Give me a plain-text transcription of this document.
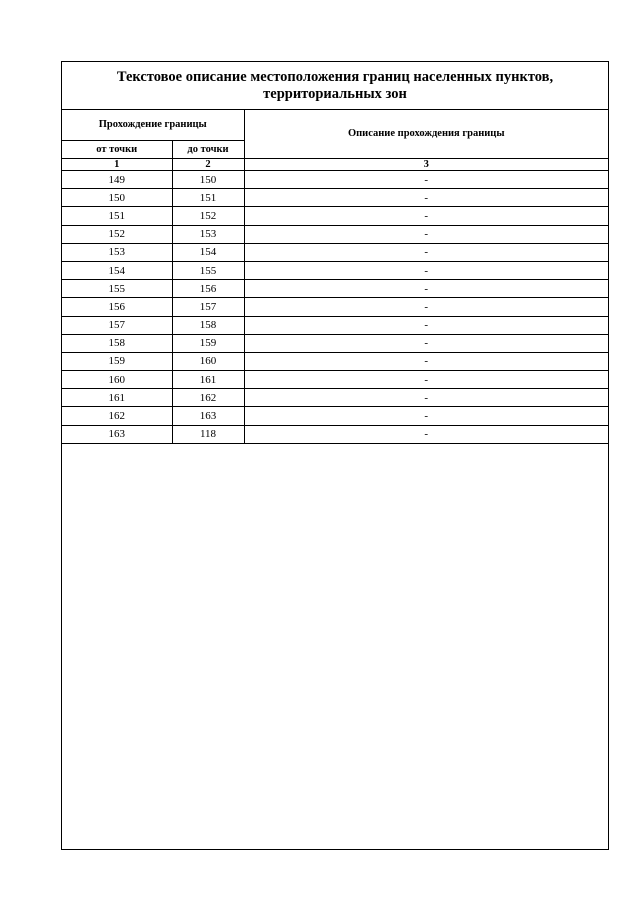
Текстовое описание местоположения границ населенных пунктов, территориальных зон
Прохождение границы		Описание прохождения границы
от точки	до точки	
1	2	3
149	150	-
150	151	-
151	152	-
152	153	-
153	154	-
154	155	-
155	156	-
156	157	-
157	158	-
158	159	-
159	160	-
160	161	-
161	162	-
162	163	-
163	118	-
